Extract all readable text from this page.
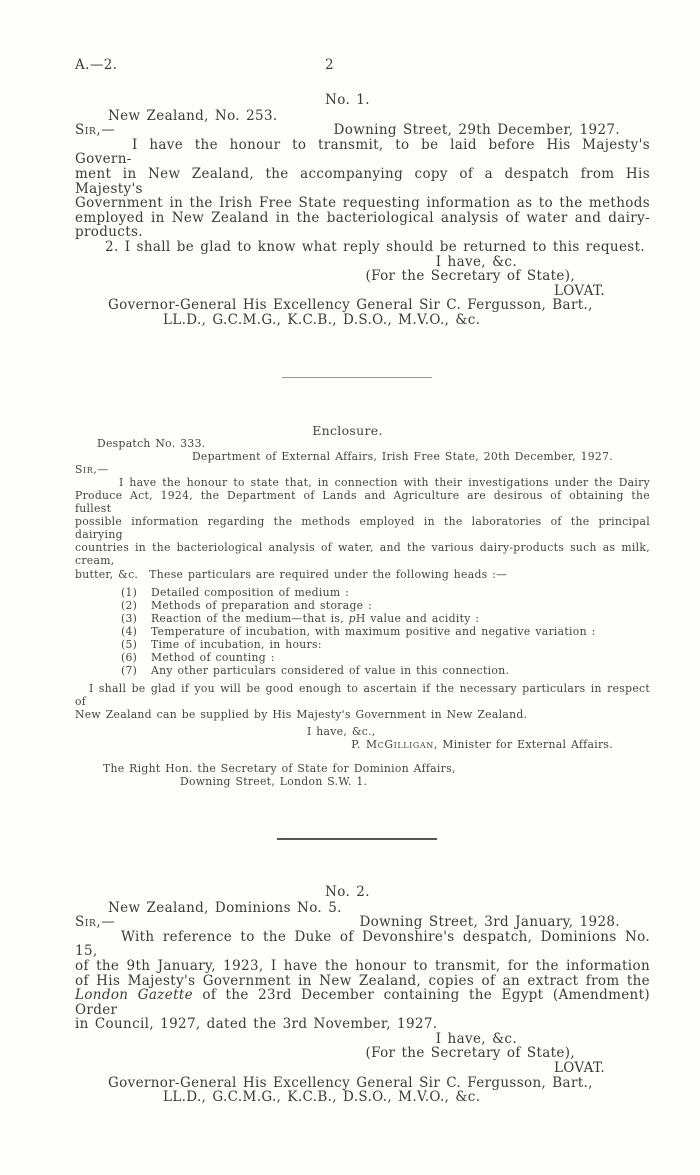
A.—2.	2
No. 1.
New Zealand, No. 253.
Sir,—	Downing Street, 29th December, 1927.
I have the honour to transmit, to be laid before His Majesty's Govern-
ment in New Zealand, the accompanying copy of a despatch from His Majesty's
Government in the Irish Free State requesting information as to the methods
employed in New Zealand in the bacteriological analysis of water and dairy-
products.
2. I shall be glad to know what reply should be returned to this request.
I have, &c.
(For the Secretary of State),
LOVAT.
Governor-General His Excellency General Sir C. Fergusson, Bart.,
LL.D., G.C.M.G., K.C.B., D.S.O., M.V.O., &c.
Enclosure.
Despatch No. 333.
Department of External Affairs, Irish Free State, 20th December, 1927.
Sir,—
I have the honour to state that, in connection with their investigations under the Dairy
Produce Act, 1924, the Department of Lands and Agriculture are desirous of obtaining the fullest
possible information regarding the methods employed in the laboratories of the principal dairying
countries in the bacteriological analysis of water, and the various dairy-products such as milk, cream,
butter, &c. These particulars are required under the following heads :—
(1)	Detailed composition of medium :
(2)	Methods of preparation and storage :
(3)	Reaction of the medium—that is, pH value and acidity :
(4)	Temperature of incubation, with maximum positive and negative variation :
(5)	Time of incubation, in hours:
(6)	Method of counting :
(7)	Any other particulars considered of value in this connection.
I shall be glad if you will be good enough to ascertain if the necessary particulars in respect of
New Zealand can be supplied by His Majesty's Government in New Zealand.
I have, &c.,
P. McGilligan, Minister for External Affairs.
The Right Hon. the Secretary of State for Dominion Affairs,
Downing Street, London S.W. 1.
No. 2.
New Zealand, Dominions No. 5.
Sir,—	Downing Street, 3rd January, 1928.
With reference to the Duke of Devonshire's despatch, Dominions No. 15,
of the 9th January, 1923, I have the honour to transmit, for the information
of His Majesty's Government in New Zealand, copies of an extract from the
London Gazette of the 23rd December containing the Egypt (Amendment) Order
in Council, 1927, dated the 3rd November, 1927.
I have, &c.
(For the Secretary of State),
LOVAT.
Governor-General His Excellency General Sir C. Fergusson, Bart.,
LL.D., G.C.M.G., K.C.B., D.S.O., M.V.O., &c.
